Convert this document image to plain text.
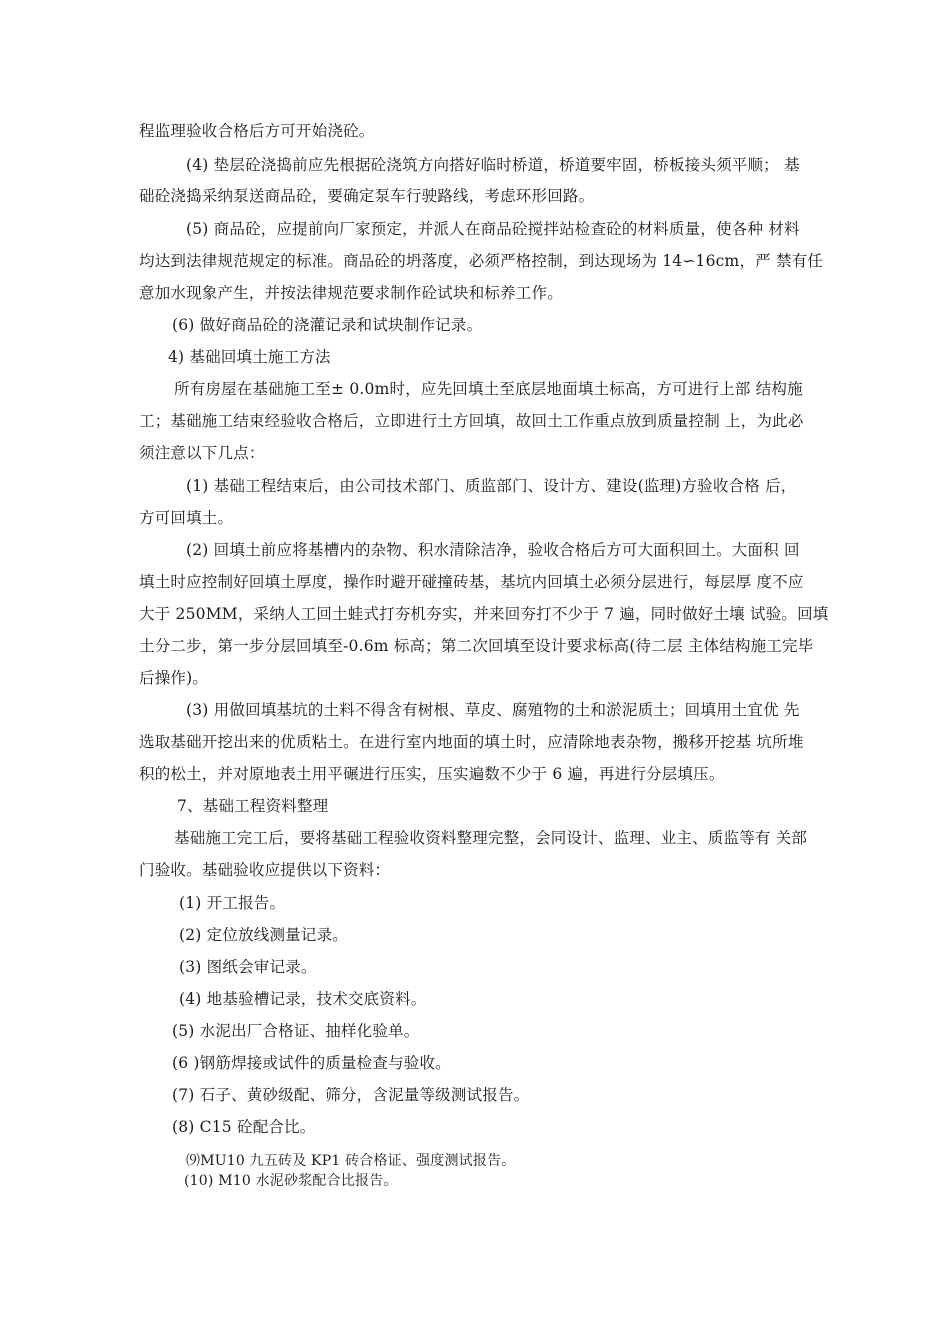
程监理验收合格后方可开始浇砼。
(4) 垫层砼浇捣前应先根据砼浇筑方向搭好临时桥道，桥道要牢固，桥板接头须平顺； 基
础砼浇捣采纳泵送商品砼，要确定泵车行驶路线，考虑环形回路。
(5) 商品砼，应提前向厂家预定，并派人在商品砼搅拌站检查砼的材料质量，使各种 材料
均达到法律规范规定的标准。商品砼的坍落度，必须严格控制，到达现场为 14∽16cm，严 禁有任
意加水现象产生，并按法律规范要求制作砼试块和标养工作。
(6) 做好商品砼的浇灌记录和试块制作记录。
4) 基础回填土施工方法
所有房屋在基础施工至± 0.0m时，应先回填土至底层地面填土标高，方可进行上部 结构施
工；基础施工结束经验收合格后，立即进行土方回填，故回土工作重点放到质量控制 上，为此必
须注意以下几点：
(1) 基础工程结束后，由公司技术部门、质监部门、设计方、建设(监理)方验收合格 后，
方可回填土。
(2) 回填土前应将基槽内的杂物、积水清除洁净，验收合格后方可大面积回土。大面积 回
填土时应控制好回填土厚度，操作时避开碰撞砖基，基坑内回填土必须分层进行，每层厚 度不应
大于 250MM，采纳人工回土蛙式打夯机夯实，并来回夯打不少于 7 遍，同时做好土壤 试验。回填
土分二步，第一步分层回填至-0.6m 标高；第二次回填至设计要求标高(待二层 主体结构施工完毕
后操作)。
(3) 用做回填基坑的土料不得含有树根、草皮、腐殖物的土和淤泥质土；回填用土宜优 先
选取基础开挖出来的优质粘土。在进行室内地面的填土时，应清除地表杂物，搬移开挖基 坑所堆
积的松土，并对原地表土用平碾进行压实，压实遍数不少于 6 遍，再进行分层填压。
7、基础工程资料整理
基础施工完工后，要将基础工程验收资料整理完整，会同设计、监理、业主、质监等有 关部
门验收。基础验收应提供以下资料：
(1) 开工报告。
(2) 定位放线测量记录。
(3) 图纸会审记录。
(4) 地基验槽记录，技术交底资料。
(5) 水泥出厂合格证、抽样化验单。
(6 )钢筋焊接或试件的质量检查与验收。
(7) 石子、黄砂级配、筛分，含泥量等级测试报告。
(8) C15 砼配合比。
⑼MU10 九五砖及 KP1 砖合格证、强度测试报告。
(10) M10 水泥砂浆配合比报告。
